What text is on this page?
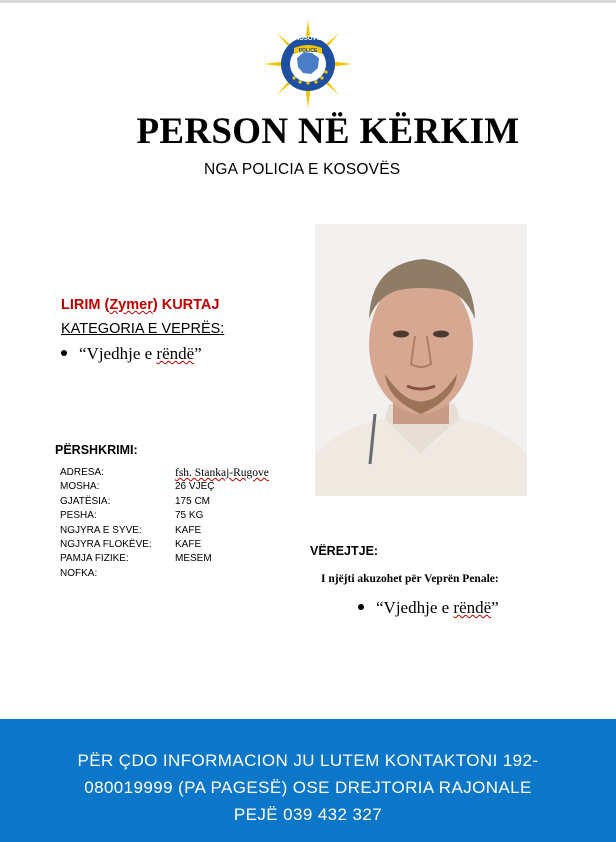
POLICE
KOSOVO
PERSON NË KËRKIM
NGA POLICIA E KOSOVËS
LIRIM (Zymer) KURTAJ
KATEGORIA E VEPRËS:
“Vjedhje e rëndë”
PËRSHKRIMI:
ADRESA:	fsh. Stankaj-Rugove
MOSHA:	26 VJEÇ
GJATËSIA:	175 CM
PESHA:	75 KG
NGJYRA E SYVE:	KAFE
NGJYRA FLOKËVE:	KAFE
PAMJA FIZIKE:	MESEM
NOFKA:
VËREJTJE:
I njëjti akuzohet për Veprën Penale:
“Vjedhje e rëndë”
PËR ÇDO INFORMACION JU LUTEM KONTAKTONI 192-
080019999 (PA PAGESË) OSE DREJTORIA RAJONALE
PEJË 039 432 327
